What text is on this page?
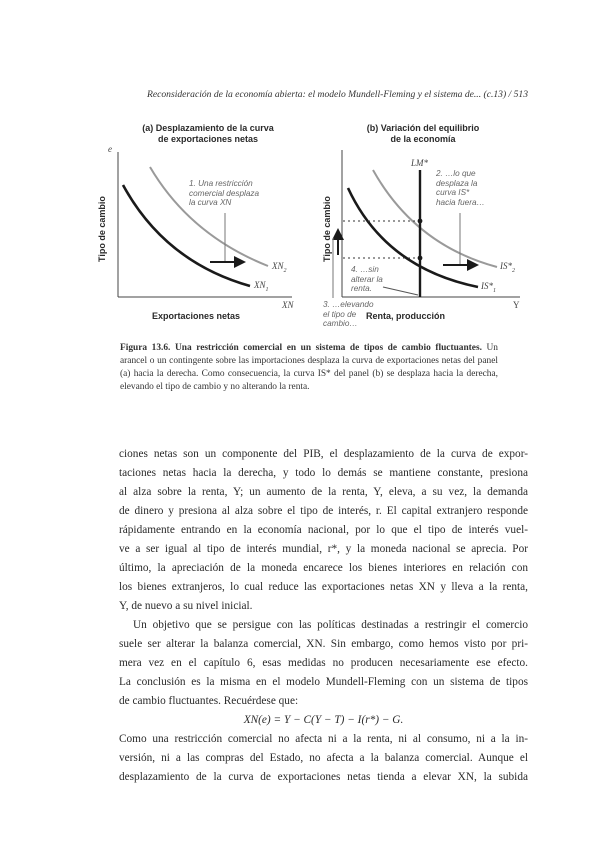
Reconsideración de la economía abierta: el modelo Mundell-Fleming y el sistema de... (c.13) / 513
(a) Desplazamiento de la curva
de exportaciones netas
e
Tipo de cambio
Exportaciones netas
XN
1. Una restricción
comercial desplaza
la curva XN
$XN_2$
$XN_1$
(b) Variación del equilibrio
de la economía
Tipo de cambio
Renta, producción
Y
LM*
2. …lo que
desplaza la
curva IS*
hacia fuera…
3. …elevando
el tipo de
cambio…
4. …sin
alterar la
renta.
$IS*_2$
$IS*_1$
Figura 13.6. Una restricción comercial en un sistema de tipos de cambio fluctuantes. Un arancel o un contingente sobre las importaciones desplaza la curva de exportaciones netas del panel (a) hacia la derecha. Como consecuencia, la curva IS* del panel (b) se desplaza hacia la derecha, elevando el tipo de cambio y no alterando la renta.

ciones netas son un componente del PIB, el desplazamiento de la curva de expor-
taciones netas hacia la derecha, y todo lo demás se mantiene constante, presiona
al alza sobre la renta, Y; un aumento de la renta, Y, eleva, a su vez, la demanda
de dinero y presiona al alza sobre el tipo de interés, r. El capital extranjero responde
rápidamente entrando en la economía nacional, por lo que el tipo de interés vuel-
ve a ser igual al tipo de interés mundial, r*, y la moneda nacional se aprecia. Por
último, la apreciación de la moneda encarece los bienes interiores en relación con
los bienes extranjeros, lo cual reduce las exportaciones netas XN y lleva a la renta,
Y, de nuevo a su nivel inicial.

Un objetivo que se persigue con las políticas destinadas a restringir el comercio
suele ser alterar la balanza comercial, XN. Sin embargo, como hemos visto por pri-
mera vez en el capítulo 6, esas medidas no producen necesariamente ese efecto.
La conclusión es la misma en el modelo Mundell-Fleming con un sistema de tipos
de cambio fluctuantes. Recuérdese que:

XN(e) = Y − C(Y − T) − I(r*) − G.

Como una restricción comercial no afecta ni a la renta, ni al consumo, ni a la in-
versión, ni a las compras del Estado, no afecta a la balanza comercial. Aunque el
desplazamiento de la curva de exportaciones netas tienda a elevar XN, la subida
